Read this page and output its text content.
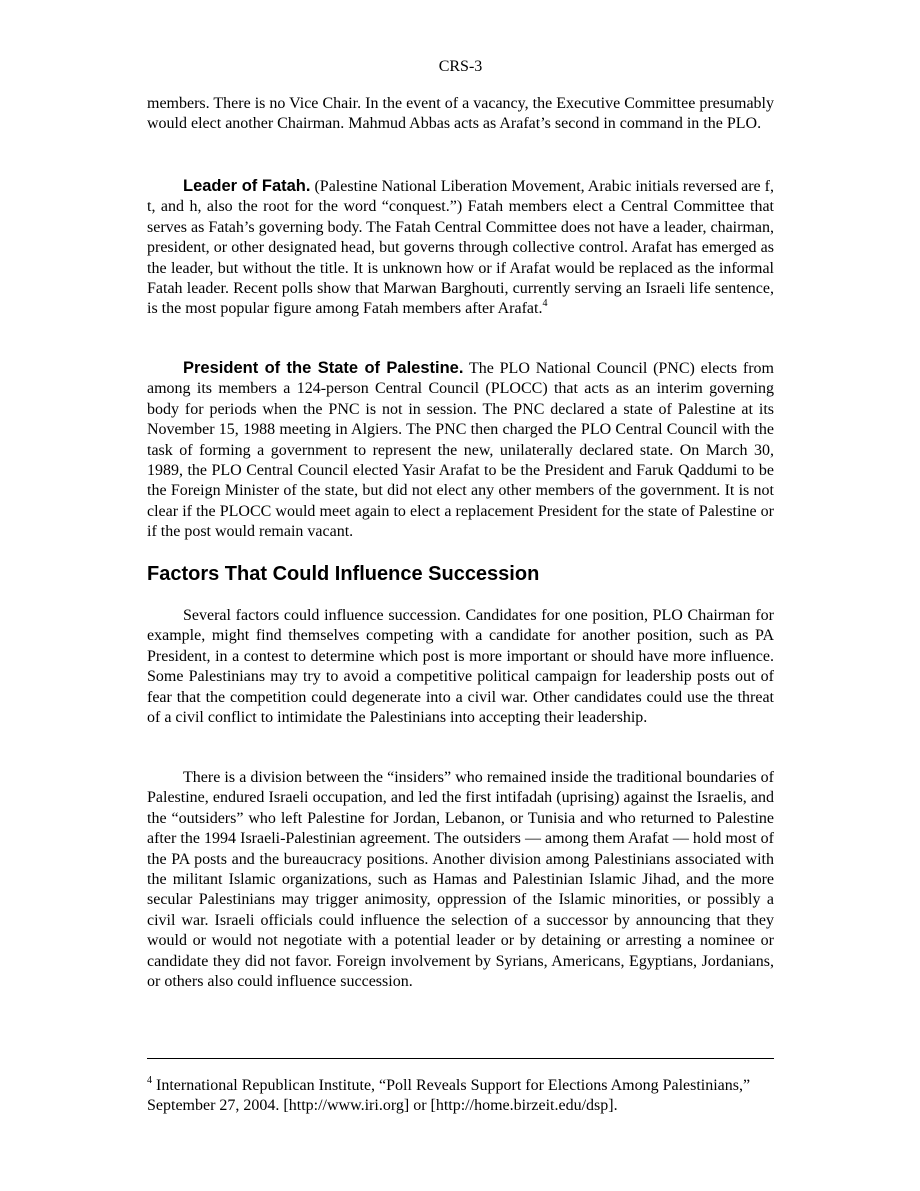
CRS-3

members. There is no Vice Chair. In the event of a vacancy, the Executive Committee presumably would elect another Chairman. Mahmud Abbas acts as Arafat’s second in command in the PLO.

Leader of Fatah. (Palestine National Liberation Movement, Arabic initials reversed are f, t, and h, also the root for the word “conquest.”) Fatah members elect a Central Committee that serves as Fatah’s governing body. The Fatah Central Committee does not have a leader, chairman, president, or other designated head, but governs through collective control. Arafat has emerged as the leader, but without the title. It is unknown how or if Arafat would be replaced as the informal Fatah leader. Recent polls show that Marwan Barghouti, currently serving an Israeli life sentence, is the most popular figure among Fatah members after Arafat.$^4$

President of the State of Palestine. The PLO National Council (PNC) elects from among its members a 124-person Central Council (PLOCC) that acts as an interim governing body for periods when the PNC is not in session. The PNC declared a state of Palestine at its November 15, 1988 meeting in Algiers. The PNC then charged the PLO Central Council with the task of forming a government to represent the new, unilaterally declared state. On March 30, 1989, the PLO Central Council elected Yasir Arafat to be the President and Faruk Qaddumi to be the Foreign Minister of the state, but did not elect any other members of the government. It is not clear if the PLOCC would meet again to elect a replacement President for the state of Palestine or if the post would remain vacant.

Factors That Could Influence Succession

Several factors could influence succession. Candidates for one position, PLO Chairman for example, might find themselves competing with a candidate for another position, such as PA President, in a contest to determine which post is more important or should have more influence. Some Palestinians may try to avoid a competitive political campaign for leadership posts out of fear that the competition could degenerate into a civil war. Other candidates could use the threat of a civil conflict to intimidate the Palestinians into accepting their leadership.

There is a division between the “insiders” who remained inside the traditional boundaries of Palestine, endured Israeli occupation, and led the first intifadah (uprising) against the Israelis, and the “outsiders” who left Palestine for Jordan, Lebanon, or Tunisia and who returned to Palestine after the 1994 Israeli-Palestinian agreement. The outsiders — among them Arafat — hold most of the PA posts and the bureaucracy positions. Another division among Palestinians associated with the militant Islamic organizations, such as Hamas and Palestinian Islamic Jihad, and the more secular Palestinians may trigger animosity, oppression of the Islamic minorities, or possibly a civil war. Israeli officials could influence the selection of a successor by announcing that they would or would not negotiate with a potential leader or by detaining or arresting a nominee or candidate they did not favor. Foreign involvement by Syrians, Americans, Egyptians, Jordanians, or others also could influence succession.

$^4$ International Republican Institute, “Poll Reveals Support for Elections Among Palestinians,” September 27, 2004. [http://www.iri.org] or [http://home.birzeit.edu/dsp].
